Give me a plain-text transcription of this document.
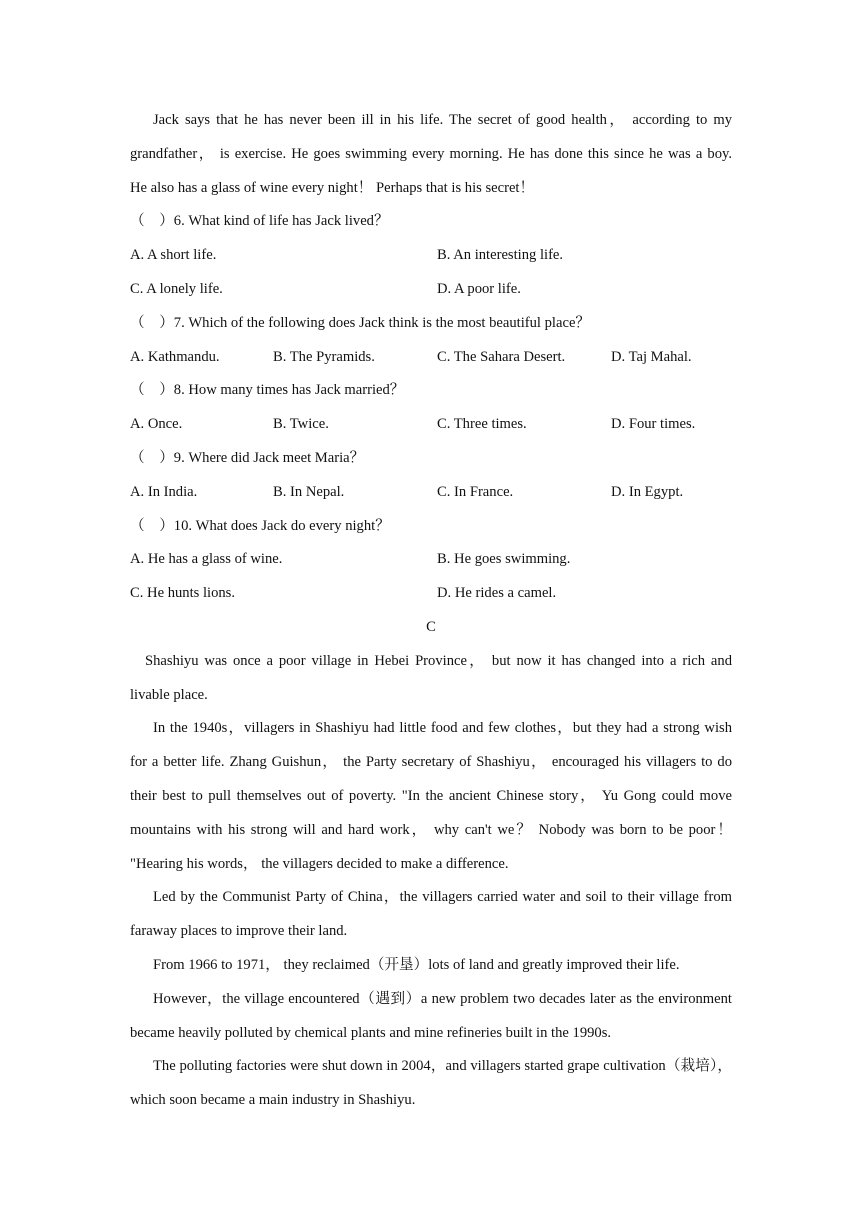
Jack says that he has never been ill in his life. The secret of good health， according to my
grandfather， is exercise. He goes swimming every morning. He has done this since he was a boy.
He also has a glass of wine every night！ Perhaps that is his secret！
（　）6. What kind of life has Jack lived？
A. A short life.	B. An interesting life.
C. A lonely life.	D. A poor life.
（　）7. Which of the following does Jack think is the most beautiful place？
A. Kathmandu.	B. The Pyramids.	C. The Sahara Desert.	D. Taj Mahal.
（　）8. How many times has Jack married？
A. Once.	B. Twice.	C. Three times.	D. Four times.
（　）9. Where did Jack meet Maria？
A. In India.	B. In Nepal.	C. In France.	D. In Egypt.
（　）10. What does Jack do every night？
A. He has a glass of wine.	B. He goes swimming.
C. He hunts lions.	D. He rides a camel.
C
Shashiyu was once a poor village in Hebei Province， but now it has changed into a rich and
livable place.
In the 1940s，villagers in Shashiyu had little food and few clothes，but they had a strong wish
for a better life. Zhang Guishun， the Party secretary of Shashiyu， encouraged his villagers to do
their best to pull themselves out of poverty. "In the ancient Chinese story， Yu Gong could move
mountains with his strong will and hard work， why can't we？ Nobody was born to be poor！
"Hearing his words， the villagers decided to make a difference.
Led by the Communist Party of China，the villagers carried water and soil to their village from
faraway places to improve their land.
From 1966 to 1971， they reclaimed（开垦）lots of land and greatly improved their life.
However，the village encountered（遇到）a new problem two decades later as the environment
became heavily polluted by chemical plants and mine refineries built in the 1990s.
The polluting factories were shut down in 2004，and villagers started grape cultivation（栽培），
which soon became a main industry in Shashiyu.
